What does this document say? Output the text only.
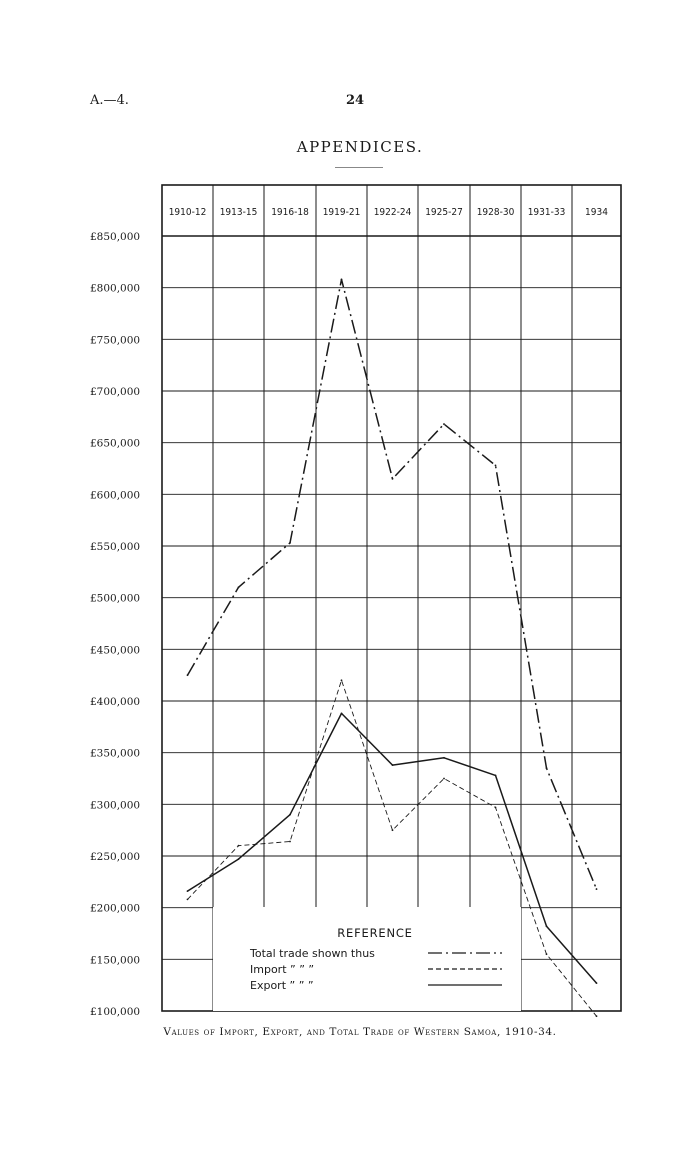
A.—4.	24
APPENDICES.
£850,000
£800,000
£750,000
£700,000
£650,000
£600,000
£550,000
£500,000
£450,000
£400,000
£350,000
£300,000
£250,000
£200,000
£150,000
£100,000
1910-12 1913-15 1916-18 1919-21 1922-24 1925-27 1928-30 1931-33 1934
REFERENCE
Total trade shown thus
Import ” ” ”
Export ” ” ”
Values of Import, Export, and Total Trade of Western Samoa, 1910-34.
